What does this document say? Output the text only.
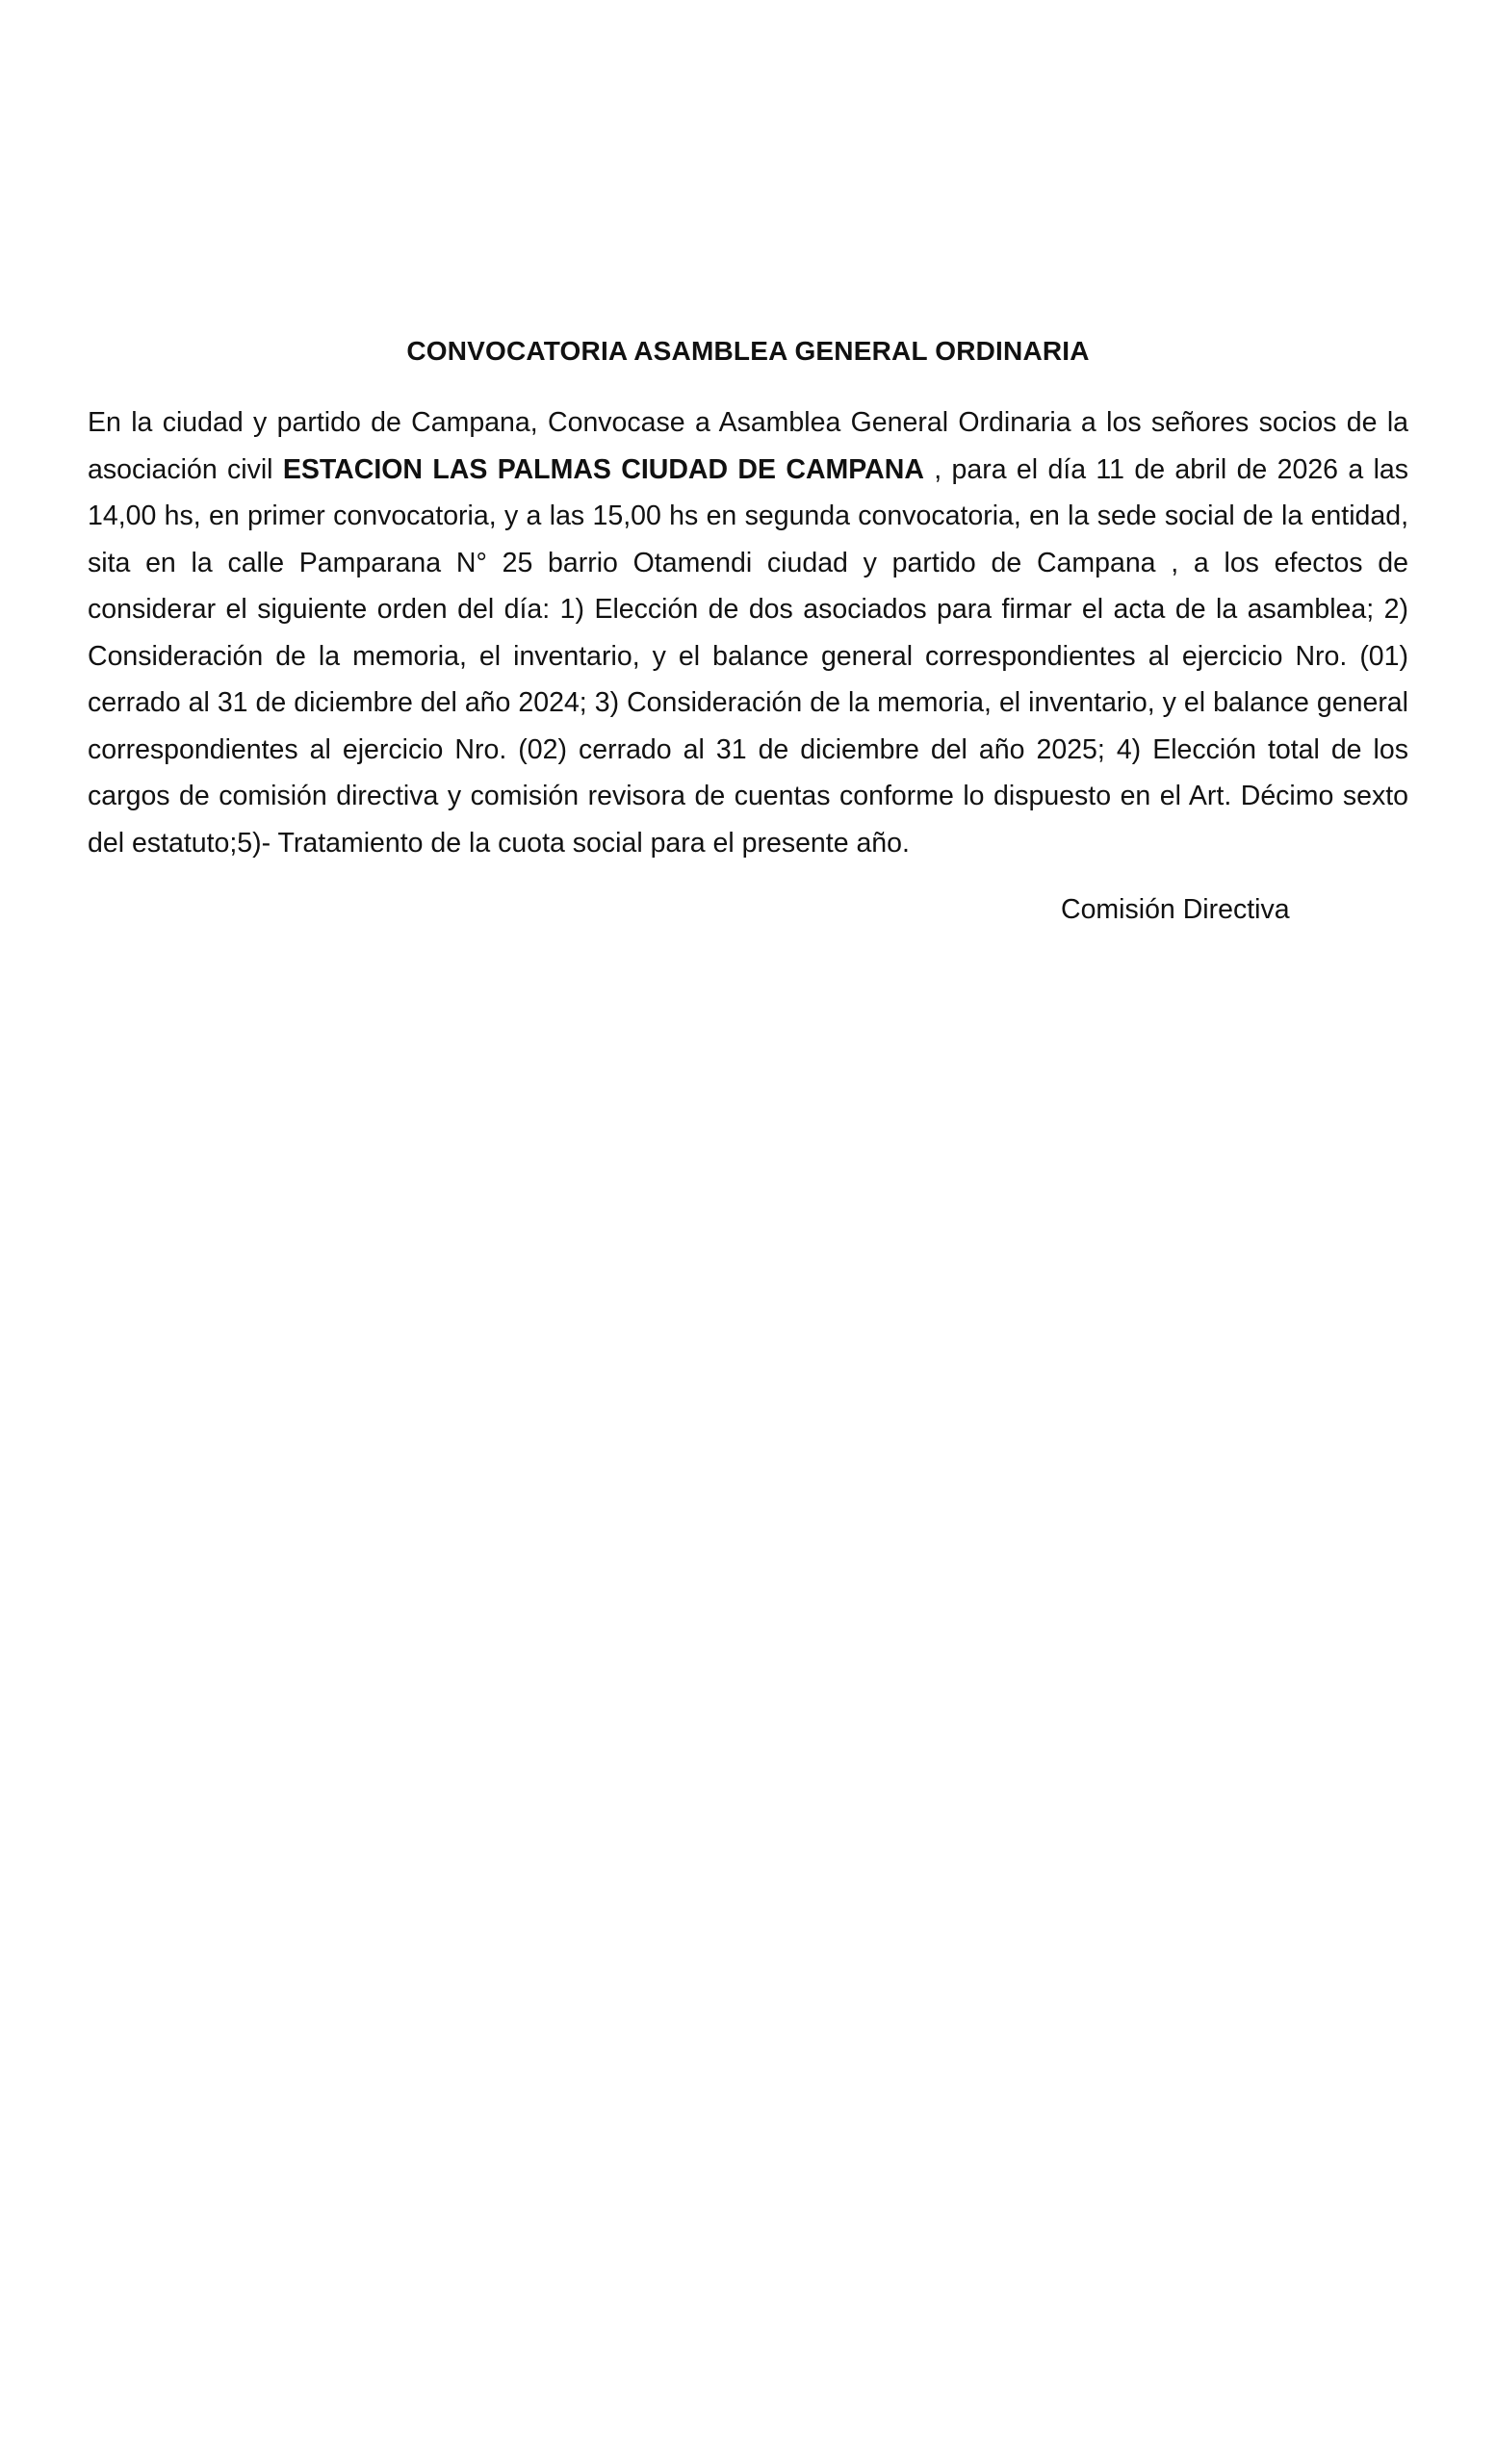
CONVOCATORIA ASAMBLEA GENERAL ORDINARIA
En la ciudad y partido de Campana, Convocase a Asamblea General Ordinaria a los señores socios de la asociación civil ESTACION LAS PALMAS CIUDAD DE CAMPANA , para el día 11 de abril de 2026 a las 14,00 hs, en primer convocatoria, y a las 15,00 hs en segunda convocatoria, en la sede social de la entidad, sita en la calle Pamparana N° 25 barrio Otamendi ciudad y partido de Campana , a los efectos de considerar el siguiente orden del día: 1) Elección de dos asociados para firmar el acta de la asamblea; 2) Consideración de la memoria, el inventario, y el balance general correspondientes al ejercicio Nro. (01) cerrado al 31 de diciembre del año 2024; 3) Consideración de la memoria, el inventario, y el balance general correspondientes al ejercicio Nro. (02) cerrado al 31 de diciembre del año 2025; 4) Elección total de los cargos de comisión directiva y comisión revisora de cuentas conforme lo dispuesto en el Art. Décimo sexto del estatuto;5)- Tratamiento de la cuota social para el presente año.
Comisión Directiva
